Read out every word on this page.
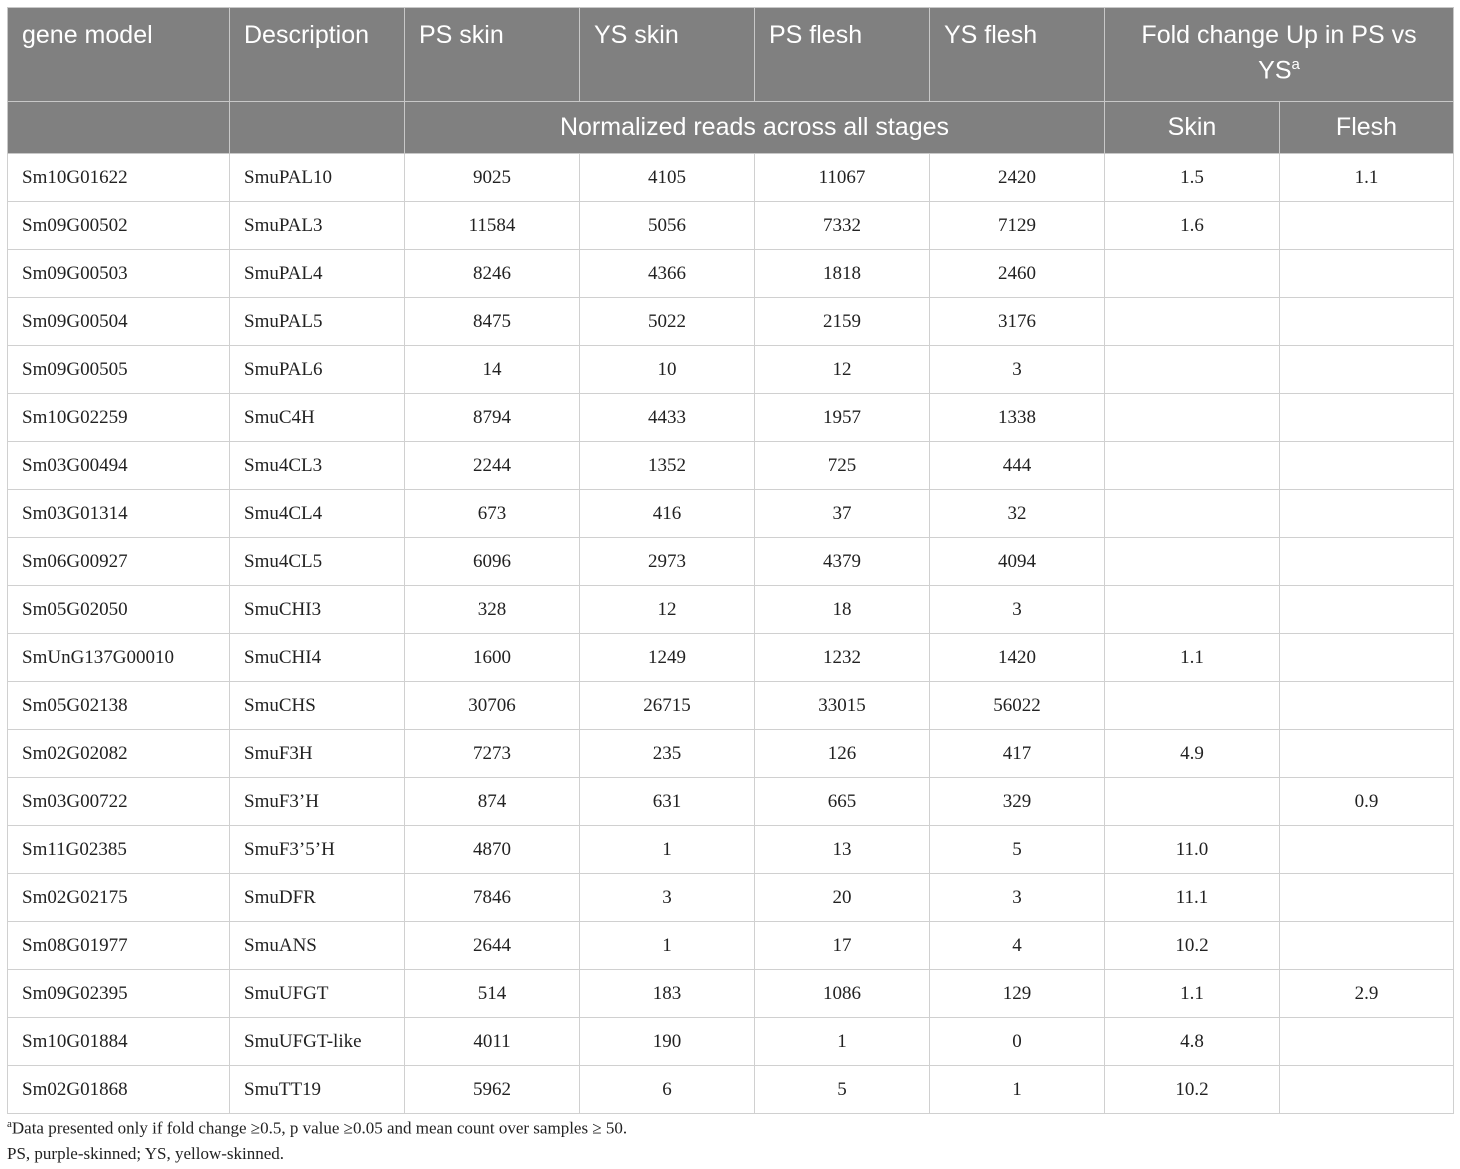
gene model	Description	PS skin	YS skin	PS flesh	YS flesh	Fold change Up in PS vs $YS^a$
		Normalized reads across all stages				Skin	Flesh
Sm10G01622	SmuPAL10	9025	4105	11067	2420	1.5	1.1
Sm09G00502	SmuPAL3	11584	5056	7332	7129	1.6	
Sm09G00503	SmuPAL4	8246	4366	1818	2460		
Sm09G00504	SmuPAL5	8475	5022	2159	3176		
Sm09G00505	SmuPAL6	14	10	12	3		
Sm10G02259	SmuC4H	8794	4433	1957	1338		
Sm03G00494	Smu4CL3	2244	1352	725	444		
Sm03G01314	Smu4CL4	673	416	37	32		
Sm06G00927	Smu4CL5	6096	2973	4379	4094		
Sm05G02050	SmuCHI3	328	12	18	3		
SmUnG137G00010	SmuCHI4	1600	1249	1232	1420	1.1	
Sm05G02138	SmuCHS	30706	26715	33015	56022		
Sm02G02082	SmuF3H	7273	235	126	417	4.9	
Sm03G00722	SmuF3’H	874	631	665	329		0.9
Sm11G02385	SmuF3’5’H	4870	1	13	5	11.0	
Sm02G02175	SmuDFR	7846	3	20	3	11.1	
Sm08G01977	SmuANS	2644	1	17	4	10.2	
Sm09G02395	SmuUFGT	514	183	1086	129	1.1	2.9
Sm10G01884	SmuUFGT-like	4011	190	1	0	4.8	
Sm02G01868	SmuTT19	5962	6	5	1	10.2	
$^a$Data presented only if fold change ≥0.5, p value ≥0.05 and mean count over samples ≥ 50.
PS, purple-skinned; YS, yellow-skinned.
